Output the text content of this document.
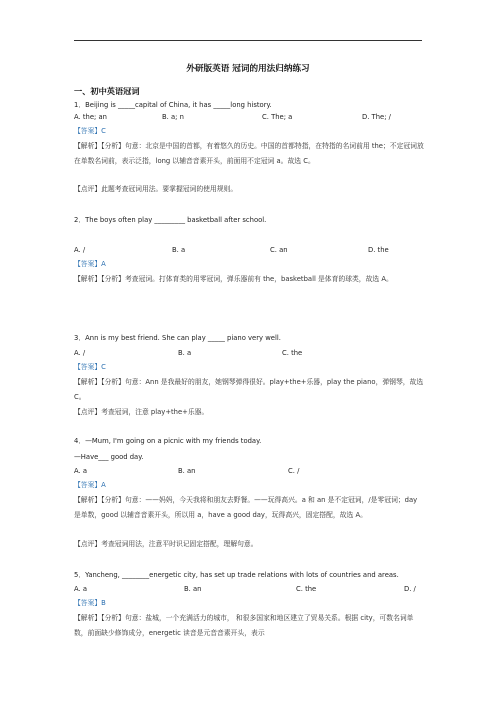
外研版英语 冠词的用法归纳练习
一、初中英语冠词
1．Beijing is _____capital of China, it has _____long history.
A. the; an	B. a; n	C. The; a	D. The; /
【答案】C
【解析】【分析】句意：北京是中国的首都，有着悠久的历史。中国的首都特指，在特指的名词前用 the；不定冠词放在单数名词前，表示泛指，long 以辅音音素开头，前面用不定冠词 a。故选 C。
【点评】此题考查冠词用法。要掌握冠词的使用规则。
2．The boys often play _________ basketball after school.
A. /	B. a	C. an	D. the
【答案】A
【解析】【分析】考查冠词。打体育类的用零冠词，弹乐器前有 the，basketball 是体育的球类，故选 A。
3．Ann is my best friend. She can play _____ piano very well.
A. /	B. a	C. the
【答案】C
【解析】【分析】句意：Ann 是我最好的朋友，她钢琴弹得很好。play+the+乐器，play the piano，弹钢琴，故选 C。
【点评】考查冠词，注意 play+the+乐器。
4．—Mum, I'm going on a picnic with my friends today.
—Have___ good day.
A. a	B. an	C. /
【答案】A
【解析】【分析】句意：——妈妈，今天我将和朋友去野餐。——玩得高兴。a 和 an 是不定冠词，/是零冠词；day 是单数，good 以辅音音素开头，所以用 a，have a good day，玩得高兴，固定搭配，故选 A。
【点评】考查冠词用法，注意平时识记固定搭配，理解句意。
5．Yancheng, ________energetic city, has set up trade relations with lots of countries and areas.
A. a	B. an	C. the	D. /
【答案】B
【解析】【分析】句意：盐城，一个充满活力的城市， 和很多国家和地区建立了贸易关系。根据 city，可数名词单数，前面缺少修饰成分，energetic 读音是元音音素开头，表示
